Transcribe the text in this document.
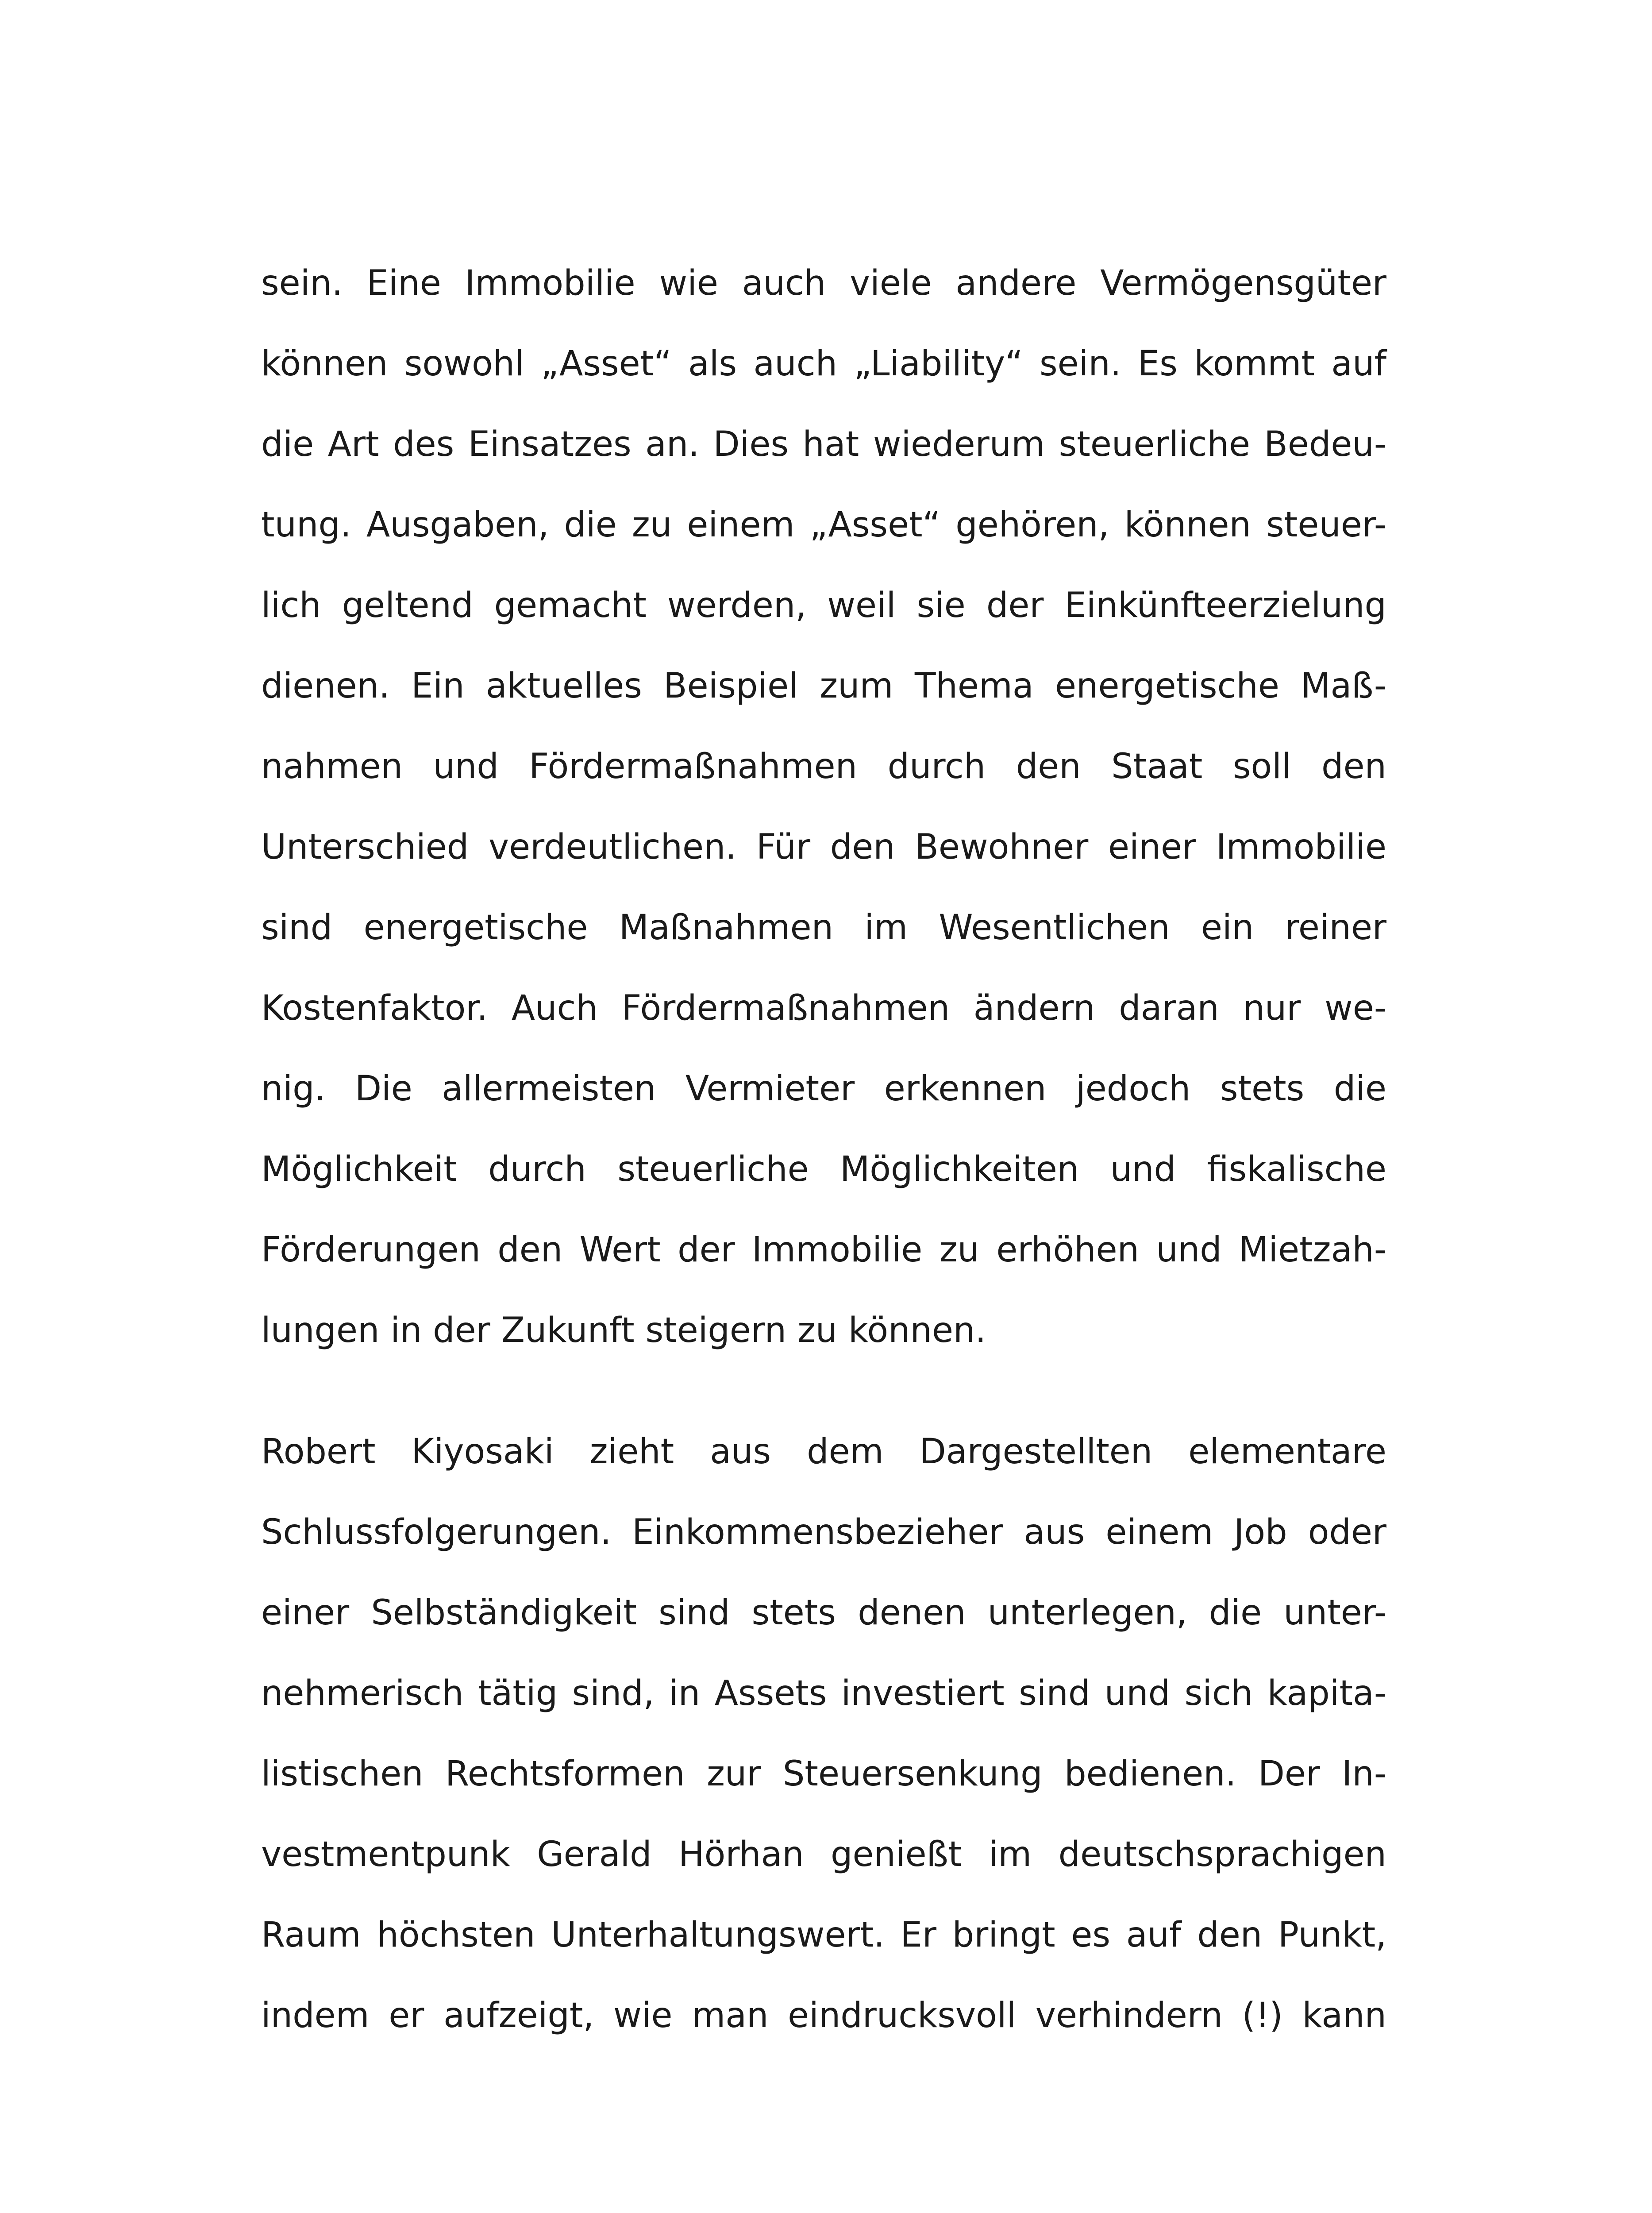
sein. Eine Immobilie wie auch viele andere Vermögensgüter
können sowohl „Asset“ als auch „Liability“ sein. Es kommt auf
die Art des Einsatzes an. Dies hat wiederum steuerliche Bedeu-
tung. Ausgaben, die zu einem „Asset“ gehören, können steuer-
lich geltend gemacht werden, weil sie der Einkünfteerzielung
dienen. Ein aktuelles Beispiel zum Thema energetische Maß-
nahmen und Fördermaßnahmen durch den Staat soll den
Unterschied verdeutlichen. Für den Bewohner einer Immobilie
sind energetische Maßnahmen im Wesentlichen ein reiner
Kostenfaktor. Auch Fördermaßnahmen ändern daran nur we-
nig. Die allermeisten Vermieter erkennen jedoch stets die
Möglichkeit durch steuerliche Möglichkeiten und fiskalische
Förderungen den Wert der Immobilie zu erhöhen und Mietzah-
lungen in der Zukunft steigern zu können.
Robert Kiyosaki zieht aus dem Dargestellten elementare
Schlussfolgerungen. Einkommensbezieher aus einem Job oder
einer Selbständigkeit sind stets denen unterlegen, die unter-
nehmerisch tätig sind, in Assets investiert sind und sich kapita-
listischen Rechtsformen zur Steuersenkung bedienen. Der In-
vestmentpunk Gerald Hörhan genießt im deutschsprachigen
Raum höchsten Unterhaltungswert. Er bringt es auf den Punkt,
indem er aufzeigt, wie man eindrucksvoll verhindern (!) kann
